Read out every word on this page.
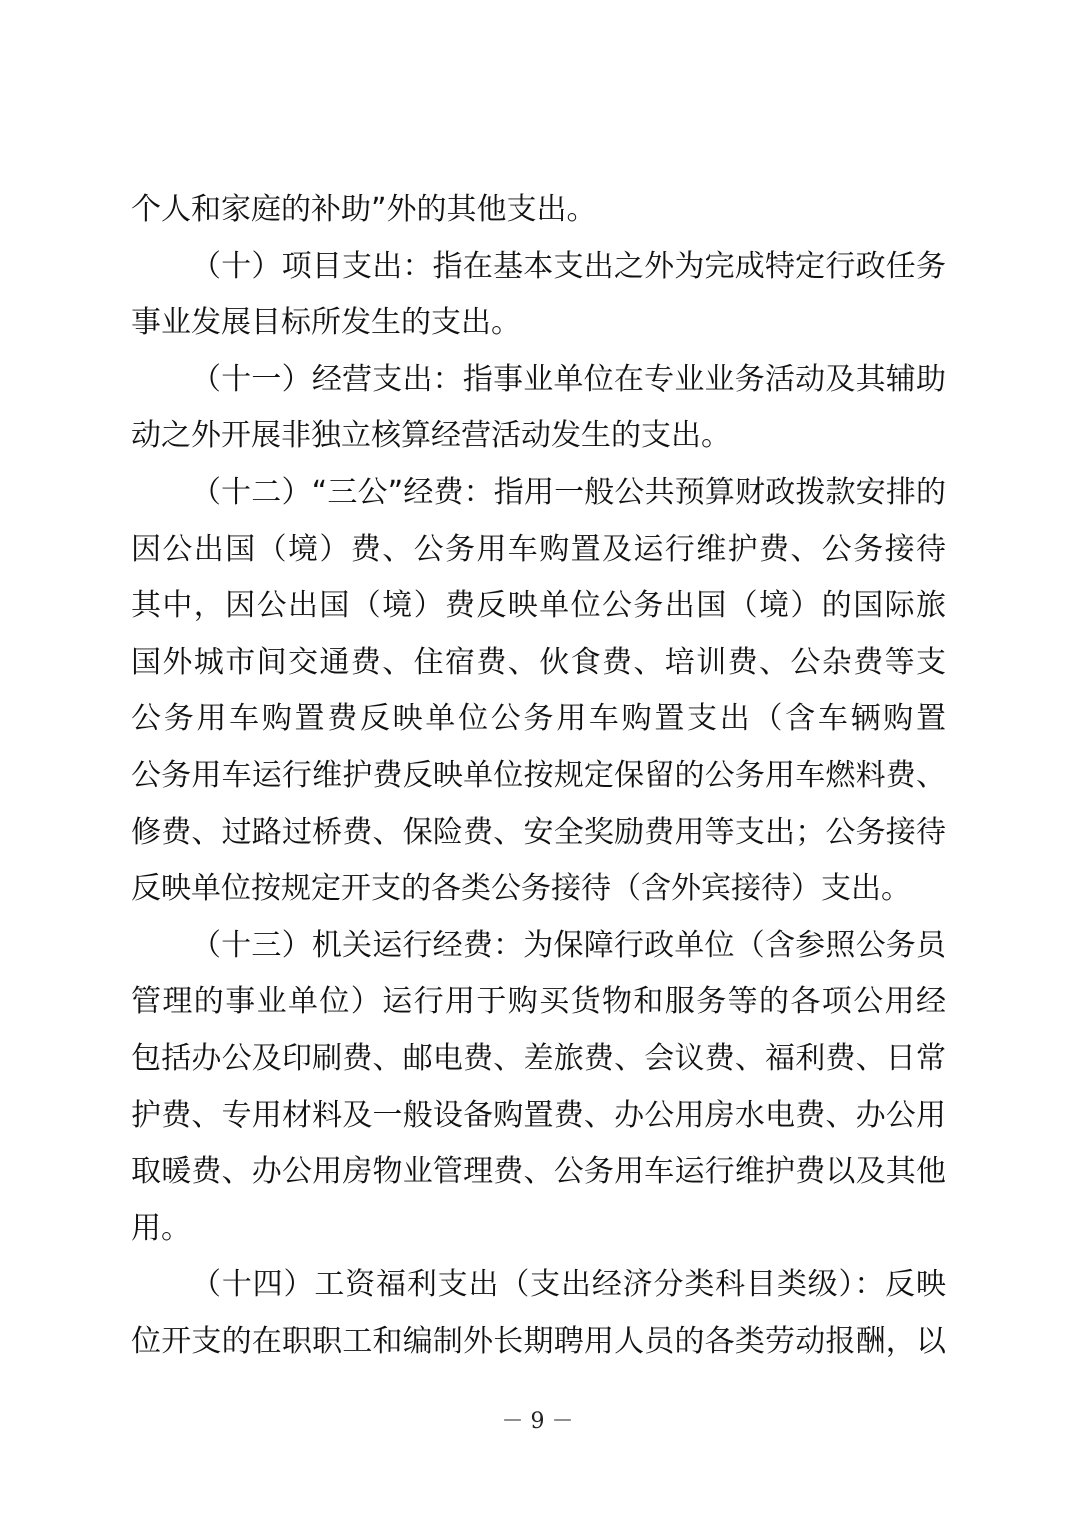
个人和家庭的补助”外的其他支出。
（十）项目支出：指在基本支出之外为完成特定行政任务
事业发展目标所发生的支出。
（十一）经营支出：指事业单位在专业业务活动及其辅助
动之外开展非独立核算经营活动发生的支出。
（十二）“三公”经费：指用一般公共预算财政拨款安排的
因公出国（境）费、公务用车购置及运行维护费、公务接待
其中，因公出国（境）费反映单位公务出国（境）的国际旅
国外城市间交通费、住宿费、伙食费、培训费、公杂费等支
公务用车购置费反映单位公务用车购置支出（含车辆购置
公务用车运行维护费反映单位按规定保留的公务用车燃料费、
修费、过路过桥费、保险费、安全奖励费用等支出；公务接待
反映单位按规定开支的各类公务接待（含外宾接待）支出。
（十三）机关运行经费：为保障行政单位（含参照公务员
管理的事业单位）运行用于购买货物和服务等的各项公用经
包括办公及印刷费、邮电费、差旅费、会议费、福利费、日常
护费、专用材料及一般设备购置费、办公用房水电费、办公用
取暖费、办公用房物业管理费、公务用车运行维护费以及其他
用。
（十四）工资福利支出（支出经济分类科目类级）：反映
位开支的在职职工和编制外长期聘用人员的各类劳动报酬，以
－ 9 －
